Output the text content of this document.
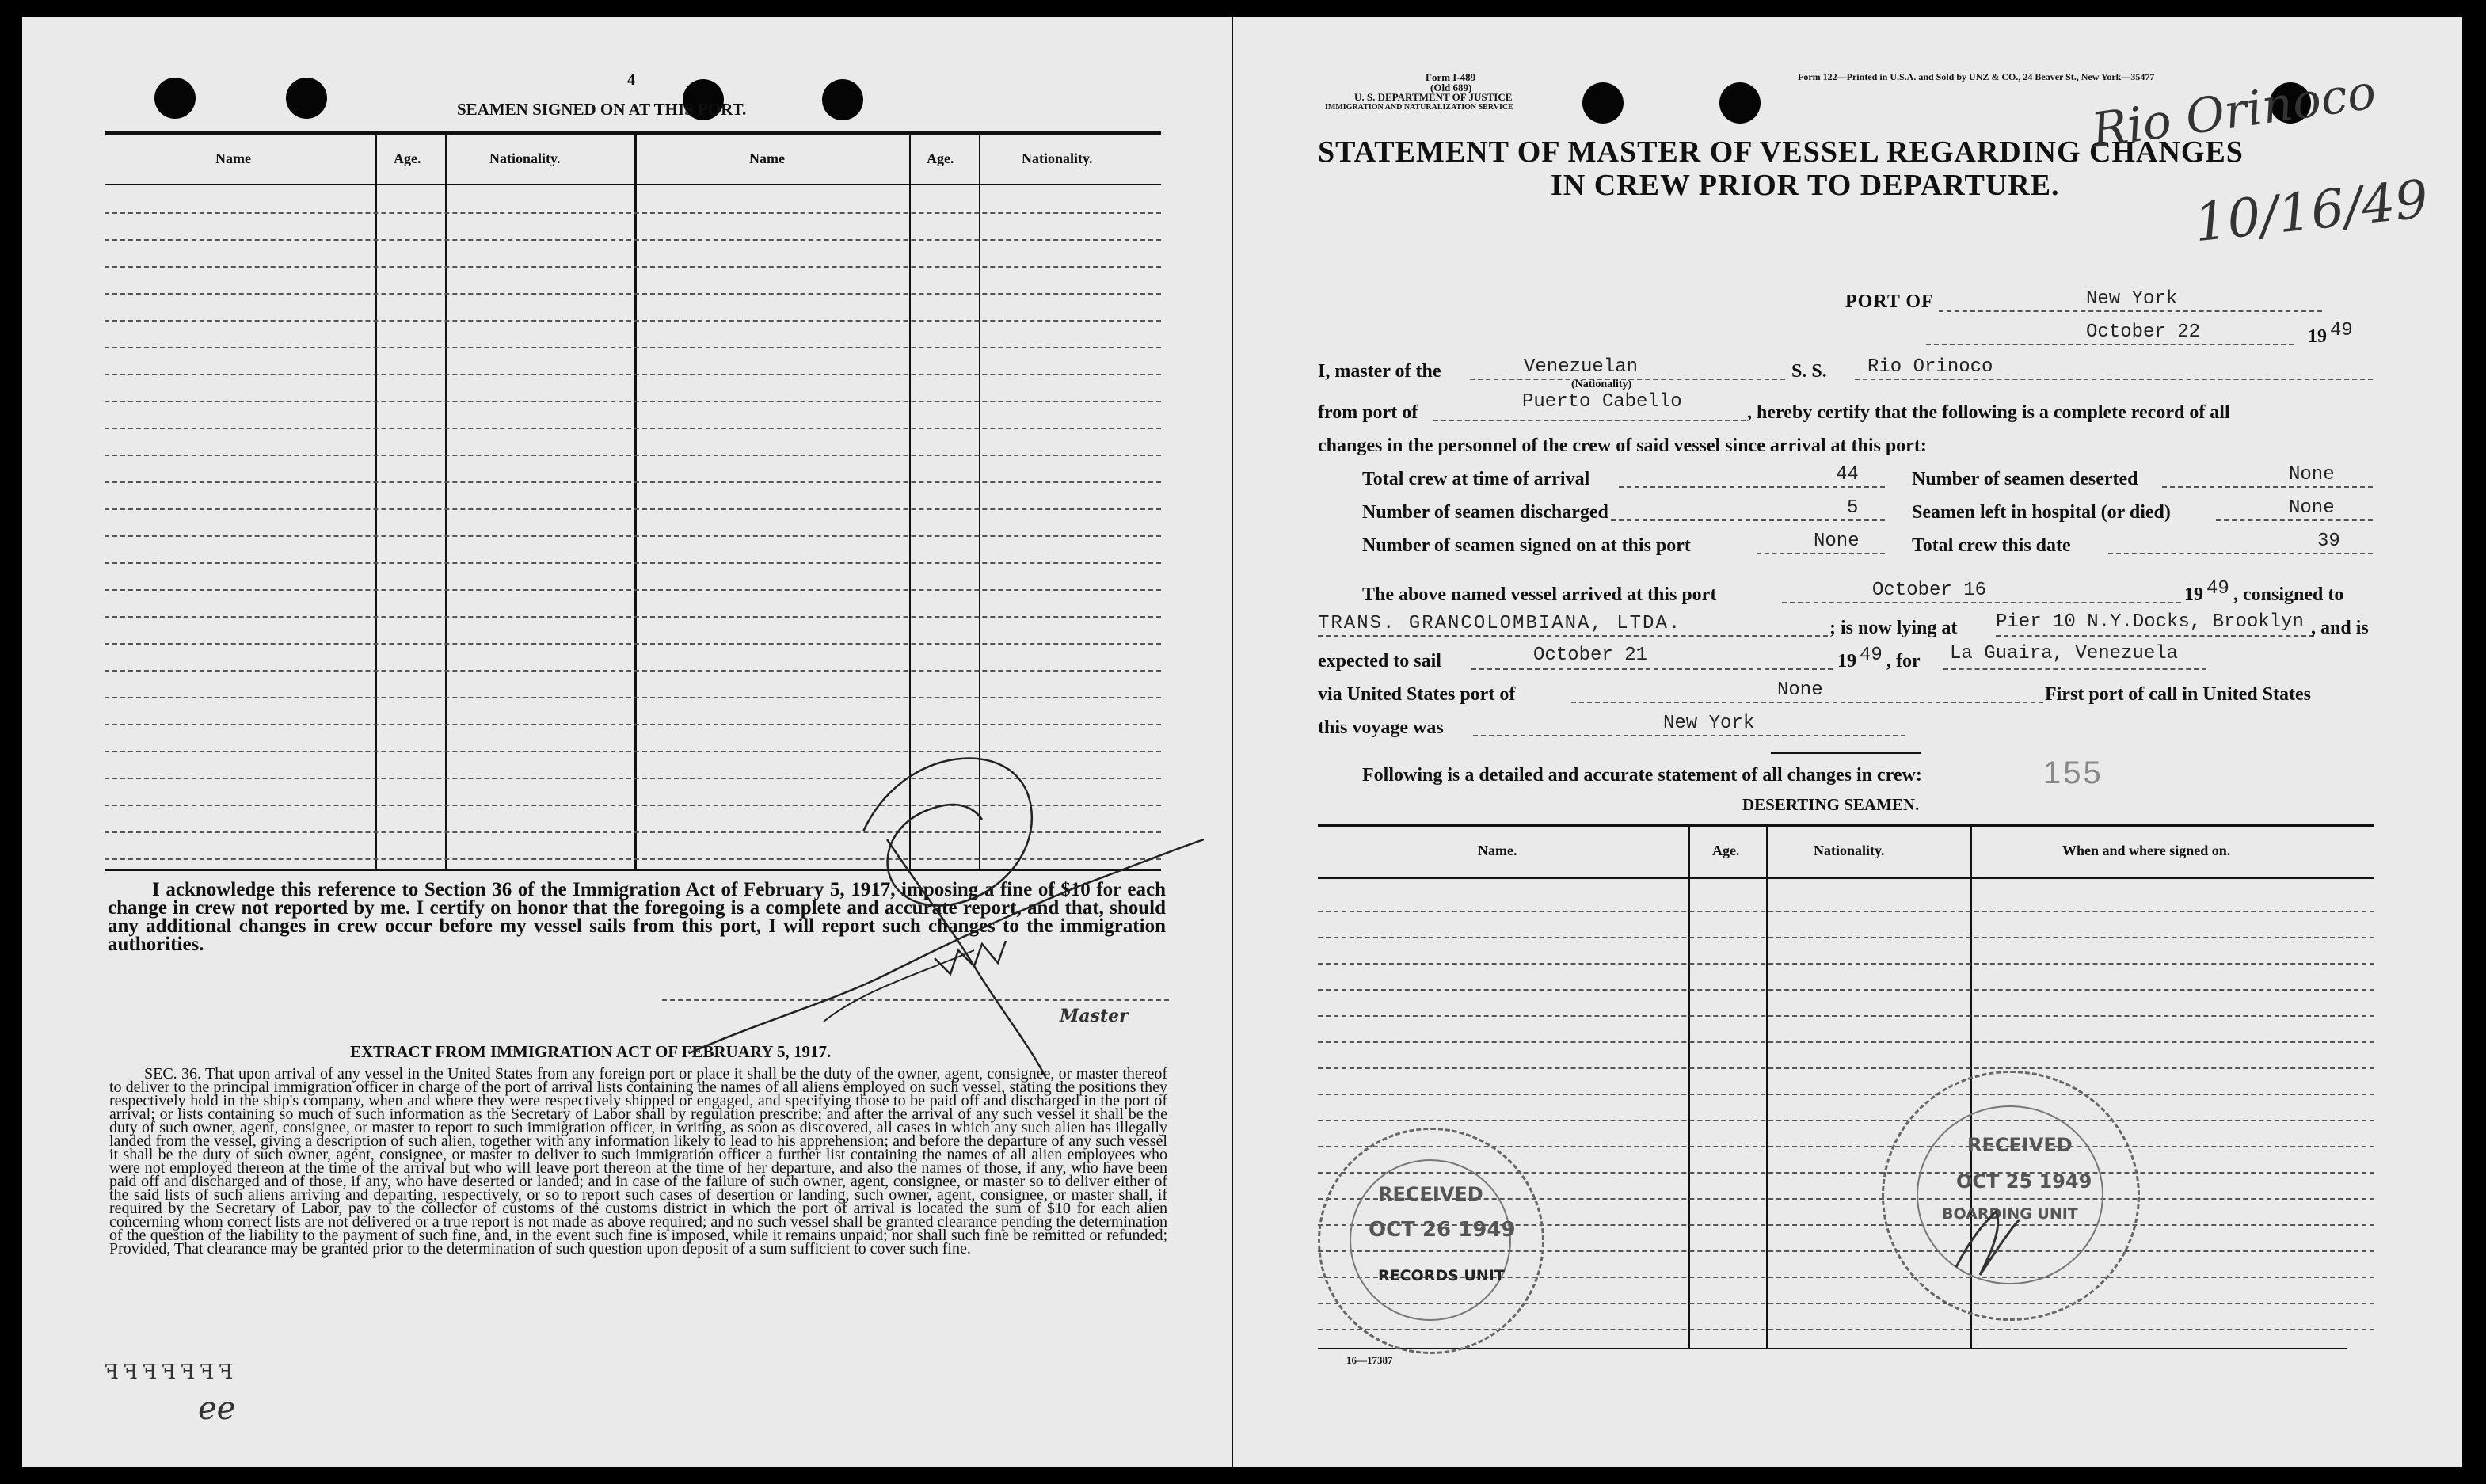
4
SEAMEN SIGNED ON AT THIS PORT.
Name	Age.	Nationality.	Name	Age.	Nationality.
I acknowledge this reference to Section 36 of the Immigration Act of February 5, 1917, imposing a fine of $10 for each change in crew not reported by me. I certify on honor that the foregoing is a complete and accurate report, and that, should any additional changes in crew occur before my vessel sails from this port, I will report such changes to the immigration authorities.
Master
EXTRACT FROM IMMIGRATION ACT OF FEBRUARY 5, 1917.
SEC. 36. That upon arrival of any vessel in the United States from any foreign port or place it shall be the duty of the owner, agent, consignee, or master thereof to deliver to the principal immigration officer in charge of the port of arrival lists containing the names of all aliens employed on such vessel, stating the positions they respectively hold in the ship's company, when and where they were respectively shipped or engaged, and specifying those to be paid off and discharged in the port of arrival; or lists containing so much of such information as the Secretary of Labor shall by regulation prescribe; and after the arrival of any such vessel it shall be the duty of such owner, agent, consignee, or master to report to such immigration officer, in writing, as soon as discovered, all cases in which any such alien has illegally landed from the vessel, giving a description of such alien, together with any information likely to lead to his apprehension; and before the departure of any such vessel it shall be the duty of such owner, agent, consignee, or master to deliver to such immigration officer a further list containing the names of all alien employees who were not employed thereon at the time of the arrival but who will leave port thereon at the time of her departure, and also the names of those, if any, who have been paid off and discharged and of those, if any, who have deserted or landed; and in case of the failure of such owner, agent, consignee, or master so to deliver either of the said lists of such aliens arriving and departing, respectively, or so to report such cases of desertion or landing, such owner, agent, consignee, or master shall, if required by the Secretary of Labor, pay to the collector of customs of the customs district in which the port of arrival is located the sum of $10 for each alien concerning whom correct lists are not delivered or a true report is not made as above required; and no such vessel shall be granted clearance pending the determination of the question of the liability to the payment of such fine, and, in the event such fine is imposed, while it remains unpaid; nor shall such fine be remitted or refunded; Provided, That clearance may be granted prior to the determination of such question upon deposit of a sum sufficient to cover such fine.
ꟻꟻꟻꟻꟻꟻꟻ
ee
Form I-489
(Old 689)
U. S. DEPARTMENT OF JUSTICE
IMMIGRATION AND NATURALIZATION SERVICE
Form 122—Printed in U.S.A. and Sold by UNZ & CO., 24 Beaver St., New York—35477
STATEMENT OF MASTER OF VESSEL REGARDING CHANGES
IN CREW PRIOR TO DEPARTURE.
Rio Orinoco
10/16/49
PORT OF	New York
October 22	19 49
I, master of the	Venezuelan
(Nationality)
S. S. Rio Orinoco
from port of	Puerto Cabello	, hereby certify that the following is a complete record of all
changes in the personnel of the crew of said vessel since arrival at this port:
Total crew at time of arrival	44	Number of seamen deserted	None
Number of seamen discharged	5	Seamen left in hospital (or died)	None
Number of seamen signed on at this port	None	Total crew this date	39
The above named vessel arrived at this port	October 16	19 49 , consigned to
TRANS. GRANCOLOMBIANA, LTDA.	; is now lying at Pier 10 N.Y.Docks, Brooklyn , and is
expected to sail	October 21	19 49 , for La Guaira, Venezuela
via United States port of	None	First port of call in United States
this voyage was	New York
Following is a detailed and accurate statement of all changes in crew:	155
DESERTING SEAMEN.
Name.	Age.	Nationality.	When and where signed on.
16—17387
RECEIVED
OCT 26 1949
RECORDS UNIT
RECEIVED
OCT 25 1949
BOARDING UNIT
